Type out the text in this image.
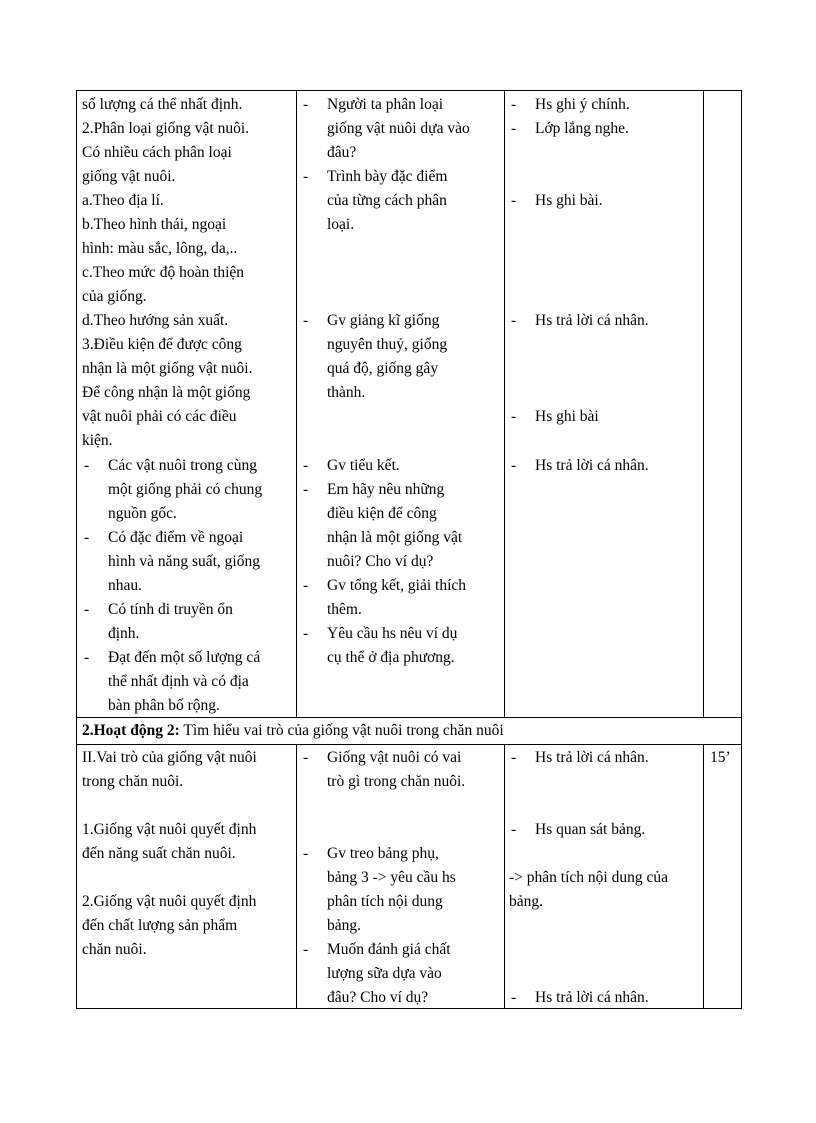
số lượng cá thể nhất định.
2.Phân loại giống vật nuôi.
Có nhiều cách phân loại
giống vật nuôi.
a.Theo địa lí.
b.Theo hình thái, ngoại
hình: màu sắc, lông, da,..
c.Theo mức độ hoàn thiện
của giống.
d.Theo hướng sản xuất.
3.Điều kiện để được công
nhận là một giống vật nuôi.
Để công nhận là một giống
vật nuôi phải có các điều
kiện.
- Các vật nuôi trong cùng
một giống phải có chung
nguồn gốc.
- Có đặc điểm về ngoại
hình và năng suất, giống
nhau.
- Có tính di truyền ổn
định.
- Đạt đến một số lượng cá
thể nhất định và có địa
bàn phân bố rộng.
- Người ta phân loại
giống vật nuôi dựa vào
đâu?
- Trình bày đặc điểm
của từng cách phân
loại.
- Gv giảng kĩ giống
nguyên thuỷ, giống
quá độ, giống gây
thành.
- Gv tiểu kết.
- Em hãy nêu những
điều kiện để công
nhận là một giống vật
nuôi? Cho ví dụ?
- Gv tổng kết, giải thích
thêm.
- Yêu cầu hs nêu ví dụ
cụ thể ở địa phương.
- Hs ghi ý chính.
- Lớp lắng nghe.
- Hs ghi bài.
- Hs trả lời cá nhân.
- Hs ghi bài
- Hs trả lời cá nhân.
2.Hoạt động 2: Tìm hiểu vai trò của giống vật nuôi trong chăn nuôi
II.Vai trò của giống vật nuôi
trong chăn nuôi.
1.Giống vật nuôi quyết định
đến năng suất chăn nuôi.
2.Giống vật nuôi quyết định
đến chất lượng sản phẩm
chăn nuôi.
- Giống vật nuôi có vai
trò gì trong chăn nuôi.
- Gv treo bảng phụ,
bảng 3 -> yêu cầu hs
phân tích nội dung
bảng.
- Muốn đánh giá chất
lượng sữa dựa vào
đâu? Cho ví dụ?
- Hs trả lời cá nhân.
- Hs quan sát bảng.
-> phân tích nội dung của
bảng.
- Hs trả lời cá nhân.
15’
